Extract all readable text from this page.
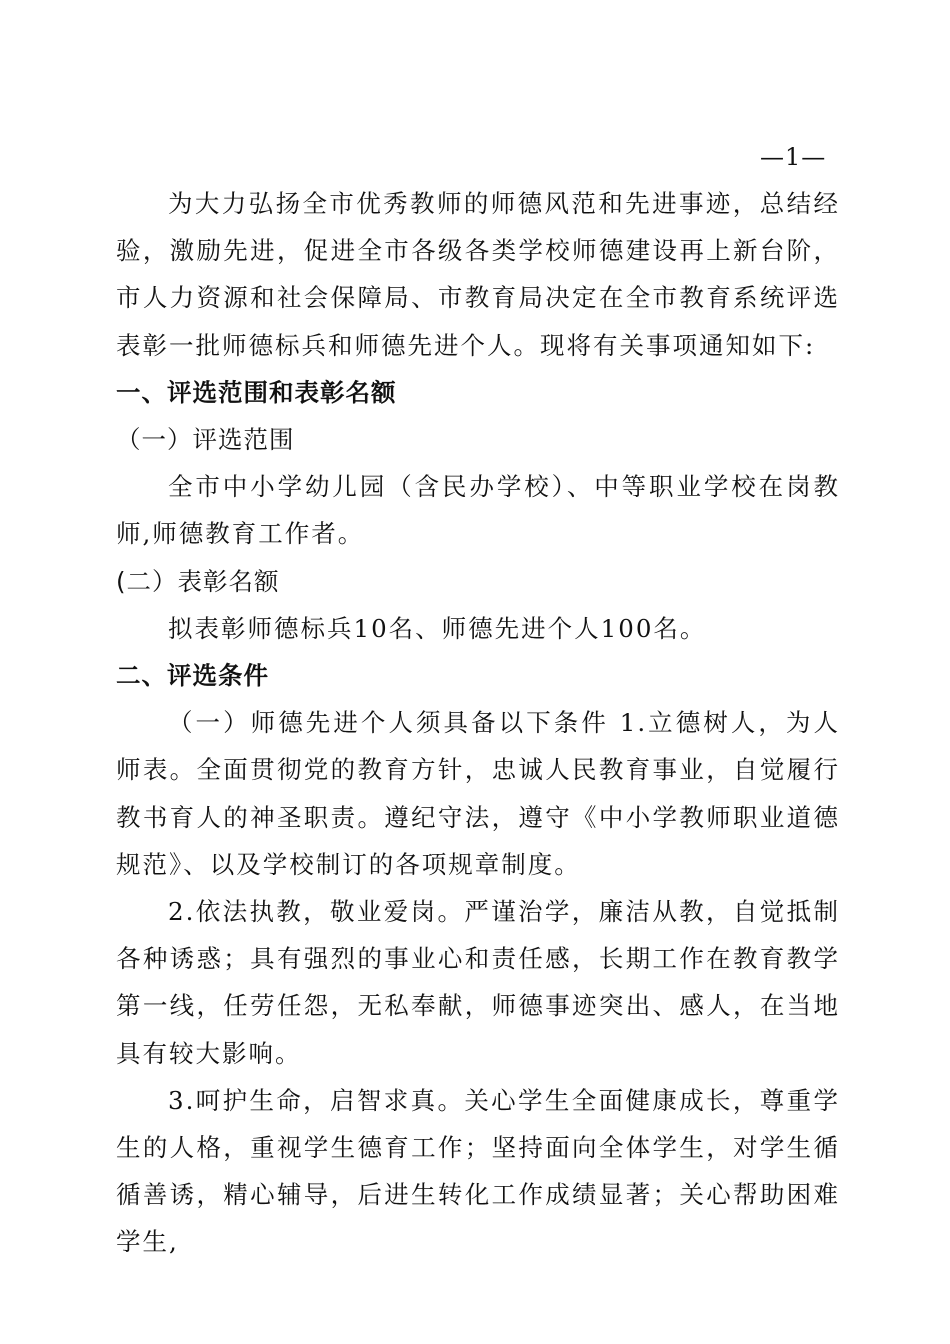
—1—

为大力弘扬全市优秀教师的师德风范和先进事迹，总结经验，激励先进，促进全市各级各类学校师德建设再上新台阶，市人力资源和社会保障局、市教育局决定在全市教育系统评选表彰一批师德标兵和师德先进个人。现将有关事项通知如下:

一、评选范围和表彰名额

（一）评选范围

全市中小学幼儿园（含民办学校）、中等职业学校在岗教师,师德教育工作者。

(二）表彰名额

拟表彰师德标兵10名、师德先进个人100名。

二、评选条件

（一）师德先进个人须具备以下条件 1.立德树人，为人师表。全面贯彻党的教育方针，忠诚人民教育事业，自觉履行教书育人的神圣职责。遵纪守法，遵守《中小学教师职业道德规范》、以及学校制订的各项规章制度。

2.依法执教，敬业爱岗。严谨治学，廉洁从教，自觉抵制各种诱惑；具有强烈的事业心和责任感，长期工作在教育教学第一线，任劳任怨，无私奉献，师德事迹突出、感人，在当地具有较大影响。

3.呵护生命，启智求真。关心学生全面健康成长，尊重学生的人格，重视学生德育工作；坚持面向全体学生，对学生循循善诱，精心辅导，后进生转化工作成绩显著；关心帮助困难学生,
